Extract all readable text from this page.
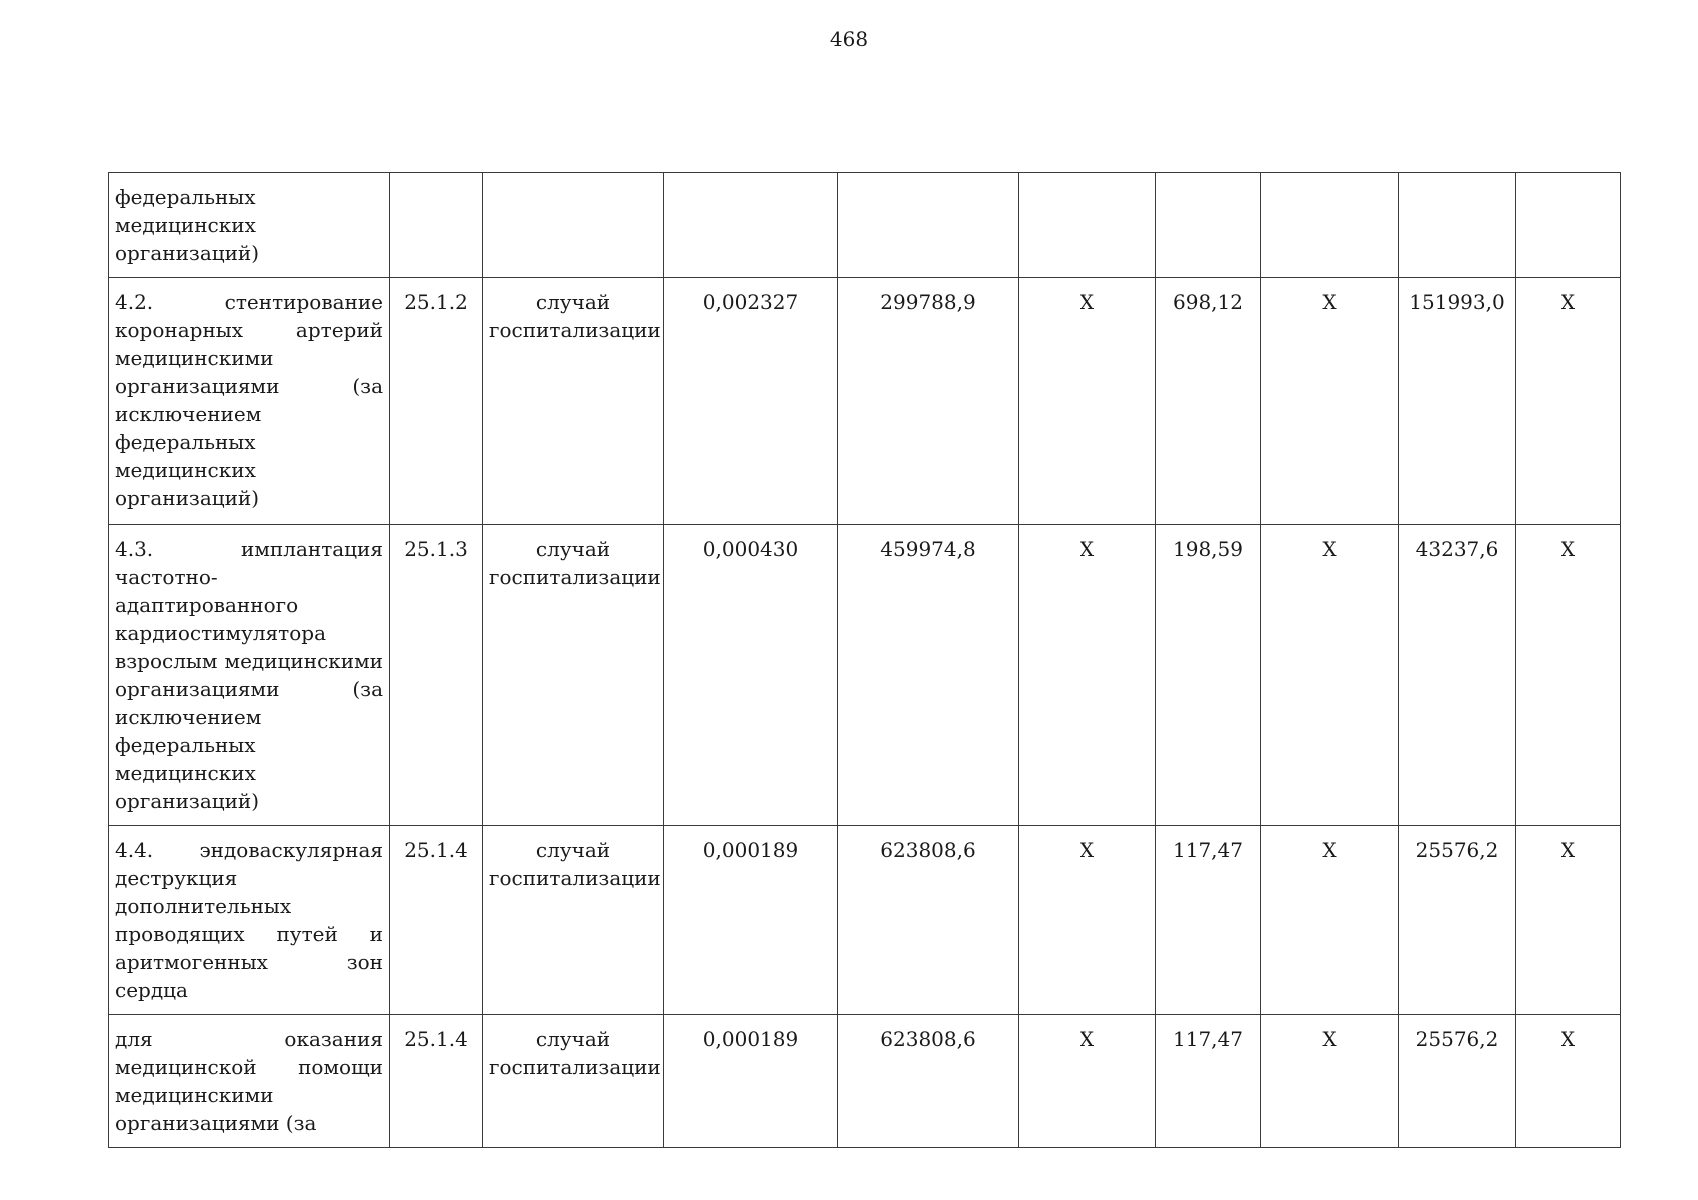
468
федеральных медицинских организаций)									
4.2. стентирование коронарных артерий медицинскими организациями (за исключением федеральных медицинских организаций)	25.1.2	случай госпитализации	0,002327	299788,9	Х	698,12	Х	151993,0	Х
4.3. имплантация частотно-адаптированного кардиостимулятора взрослым медицинскими организациями (за исключением федеральных медицинских организаций)	25.1.3	случай госпитализации	0,000430	459974,8	Х	198,59	Х	43237,6	Х
4.4. эндоваскулярная деструкция дополнительных проводящих путей и аритмогенных зон сердца	25.1.4	случай госпитализации	0,000189	623808,6	Х	117,47	Х	25576,2	Х
для оказания медицинской помощи медицинскими организациями (за	25.1.4	случай госпитализации	0,000189	623808,6	Х	117,47	Х	25576,2	Х
